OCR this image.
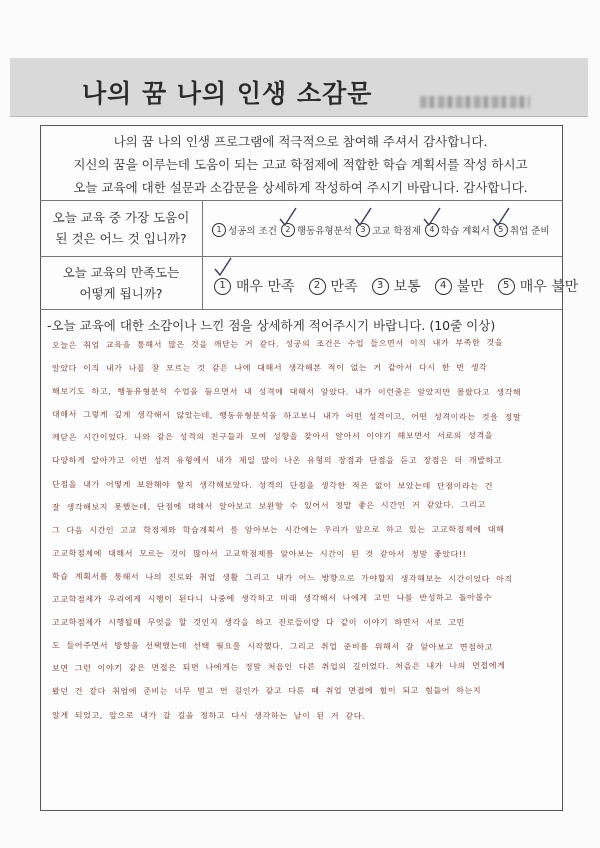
나의 꿈 나의 인생 소감문
나의 꿈 나의 인생 프로그램에 적극적으로 참여해 주셔서 감사합니다.
지신의 꿈을 이루는데 도움이 되는 고교 학점제에 적합한 학습 계획서를 작성 하시고
오늘 교육에 대한 설문과 소감문을 상세하게 작성하여 주시기 바랍니다. 감사합니다.
오늘 교육 중 가장 도움이
된 것은 어느 것 입니까?
1 성공의 조건	2 행동유형분석	3 고교 학점제	4 학습 계획서	5 취업 준비
오늘 교육의 만족도는
어떻게 됩니까?
1 매우 만족	2 만족	3 보통	4 불만	5 매우 불만
-오늘 교육에 대한 소감이나 느낀 점을 상세하게 적어주시기 바랍니다. (10줄 이상)
오늘은 취업 교육을 통해서 많은 것을 깨닫는 거 같다. 성공의 조건은 수업 들으면서 이직 내가 부족한 것을
알았다 이직 내가 나를 잘 모르는 것 같은 나에 대해서 생각해본 적이 없는 거 같아서 다시 한 번 생각
해보기도 하고, 행동유형분석 수업을 들으면서 내 성격에 대해서 알았다. 내가 이런줄은 알았지만 몰랐다고 생각해
대해서 그렇게 깊게 생각해서 않았는데, 행동유형분석을 하고보니 내가 어떤 성격이고, 어떤 성격이라는 것을 정말
깨닫은 시간이었다. 나와 같은 성격의 친구들과 모여 성향을 찾아서 알아서 이야기 해보면서 서로의 성격을
다양하게 알아가고 이번 성격 유형에서 내가 제일 많이 나온 유형의 장점과 단점을 듣고 장점은 더 개발하고
단점을 내가 어떻게 보완해야 할지 생각해보았다. 성격의 단점을 생각한 적은 없이 보았는데 단점이라는 건
잘 생각해보지 못했는데, 단점에 대해서 알아보고 보완할 수 있어서 정말 좋은 시간인 거 같았다. 그리고
그 다음 시간인 고교 학점제와 학습계획서 를 알아보는 시간에는 우리가 앞으로 하고 있는 고교학점제에 대해
고교학점제에 대해서 모르는 것이 많아서 고교학점제를 알아보는 시간이 된 것 같아서 정말 좋았다!!
학습 계획서를 통해서 나의 진로와 취업 생활 그리고 내가 어느 방향으로 가야할지 생각해보는 시간이었다 아직
고교학점제가 우리에게 시행이 된다니 나중에 생각하고 미래 생각해서 나에게 고민 나를 반성하고 돌아볼수
고교학점제가 시행될때 무엇을 할 것인지 생각을 하고 진로들이랑 다 같이 이야기 하면서 서로 고민
도 들어주면서 방향을 선택했는데 선택 필요를 시작했다. 그리고 취업 준비를 위해서 갈 알아보고 면접하고
보면 그런 이야기 같은 면접은 되면 나에게는 정말 처음인 다른 취업의 길이었다. 처음은 내가 나의 면접에게
봤던 건 같다 취업에 준비는 너무 멀고 먼 길인가 같고 다른 때 취업 면접에 힘이 되고 힘들어 하는지
알게 되었고, 앞으로 내가 갈 길을 정하고 다시 생각하는 날이 된 거 같다.
